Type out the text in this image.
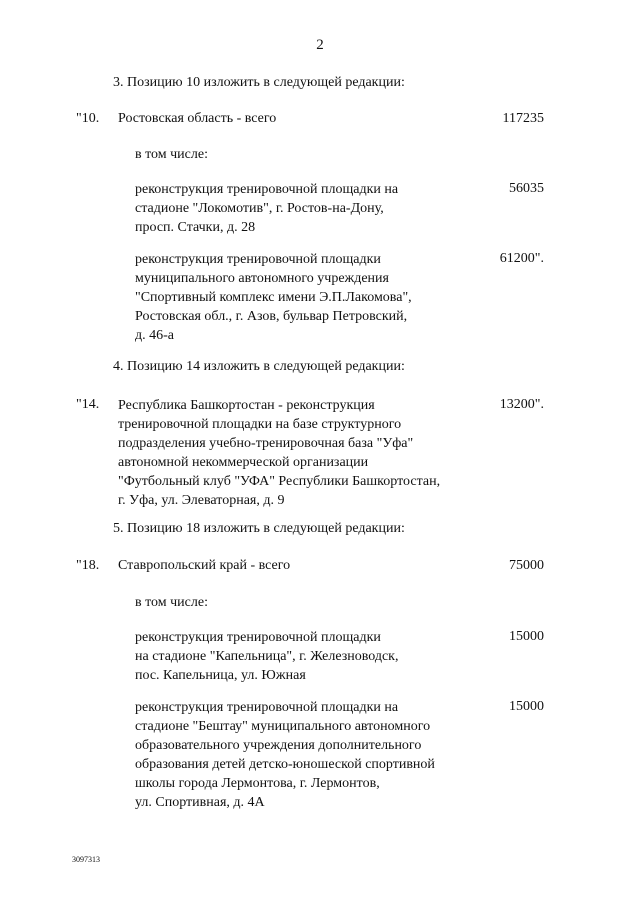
2
3. Позицию 10 изложить в следующей редакции:
"10. Ростовская область - всего	117235
в том числе:
реконструкция тренировочной площадки на
стадионе "Локомотив", г. Ростов-на-Дону,
просп. Стачки, д. 28
56035
реконструкция тренировочной площадки
муниципального автономного учреждения
"Спортивный комплекс имени Э.П.Лакомова",
Ростовская обл., г. Азов, бульвар Петровский,
д. 46-а
61200".
4. Позицию 14 изложить в следующей редакции:
"14. Республика Башкортостан - реконструкция
тренировочной площадки на базе структурного
подразделения учебно-тренировочная база "Уфа"
автономной некоммерческой организации
"Футбольный клуб "УФА" Республики Башкортостан,
г. Уфа, ул. Элеваторная, д. 9
13200".
5. Позицию 18 изложить в следующей редакции:
"18. Ставропольский край - всего	75000
в том числе:
реконструкция тренировочной площадки
на стадионе "Капельница", г. Железноводск,
пос. Капельница, ул. Южная
15000
реконструкция тренировочной площадки на
стадионе "Бештау" муниципального автономного
образовательного учреждения дополнительного
образования детей детско-юношеской спортивной
школы города Лермонтова, г. Лермонтов,
ул. Спортивная, д. 4А
15000
3097313
